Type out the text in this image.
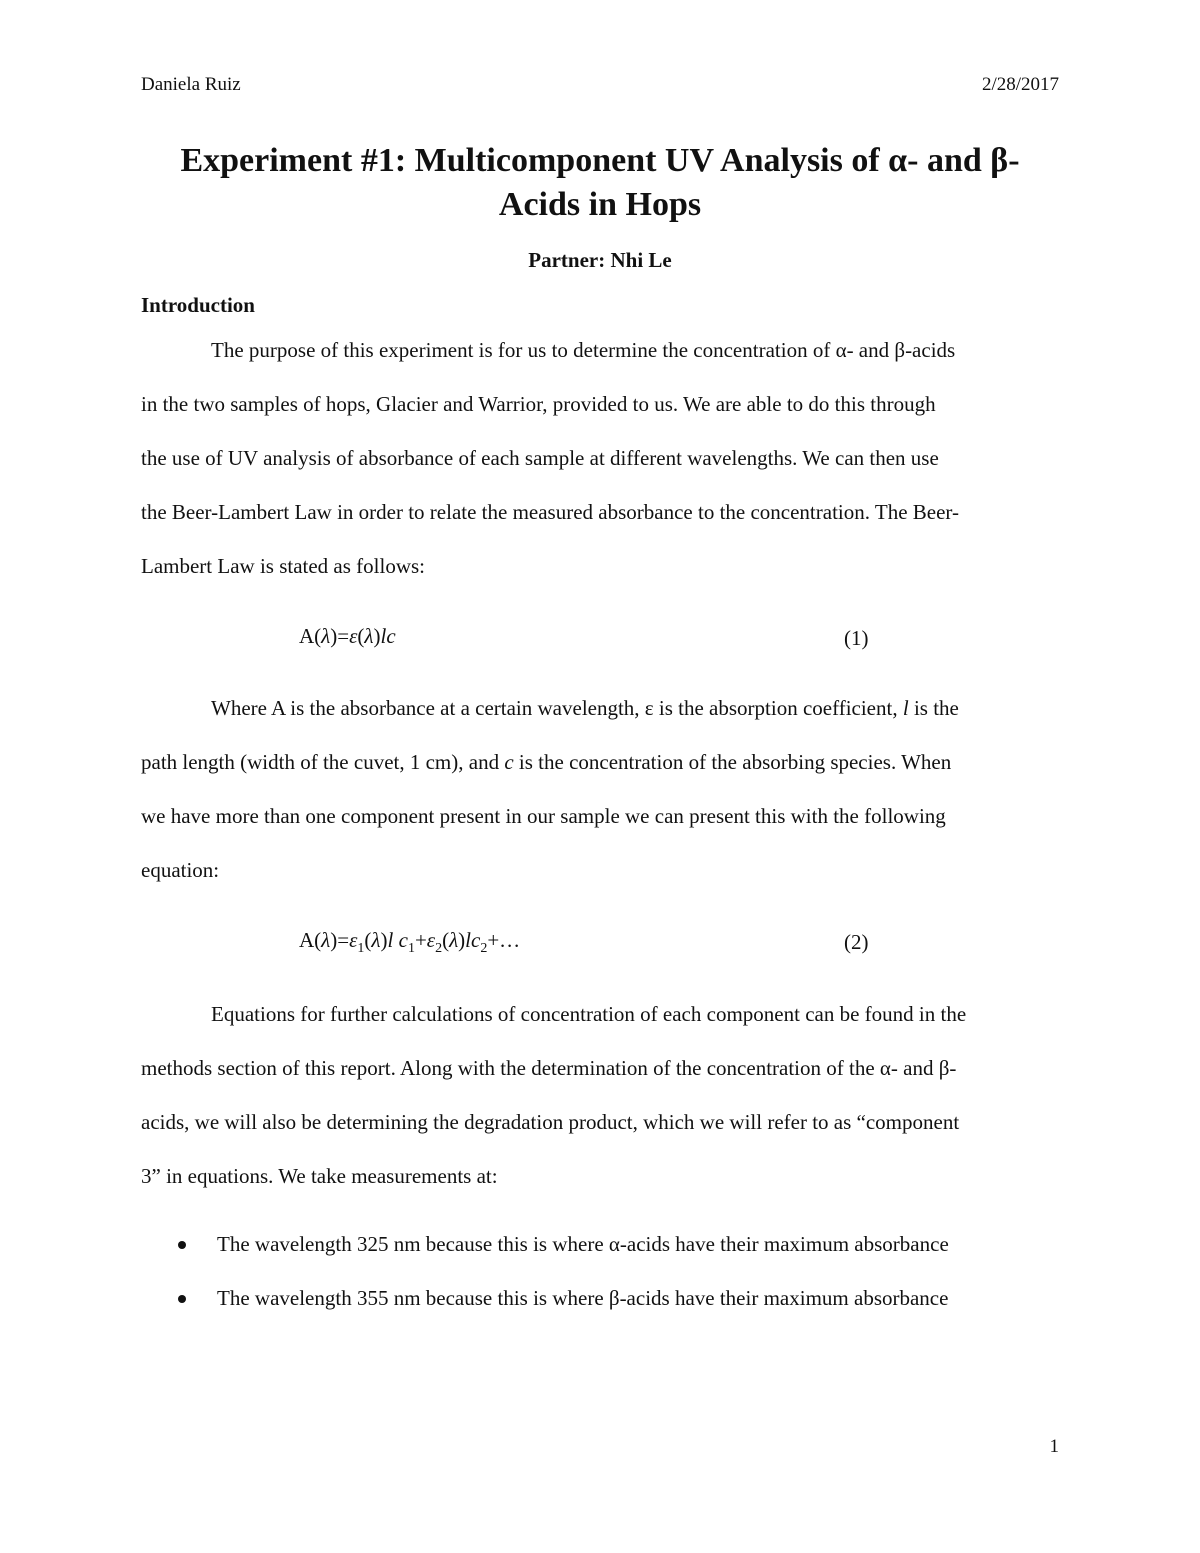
Daniela Ruiz	2/28/2017
Experiment #1: Multicomponent UV Analysis of α- and β-
Acids in Hops
Partner: Nhi Le
Introduction
The purpose of this experiment is for us to determine the concentration of α- and β-acids
in the two samples of hops, Glacier and Warrior, provided to us. We are able to do this through
the use of UV analysis of absorbance of each sample at different wavelengths. We can then use
the Beer-Lambert Law in order to relate the measured absorbance to the concentration. The Beer-
Lambert Law is stated as follows:
A(λ)=ε(λ)lc	(1)
Where A is the absorbance at a certain wavelength, ε is the absorption coefficient, l is the
path length (width of the cuvet, 1 cm), and c is the concentration of the absorbing species. When
we have more than one component present in our sample we can present this with the following
equation:
$A(\lambda)=\varepsilon_1(\lambda)l$ $c_1+\varepsilon_2(\lambda)lc_2+\dots$	(2)
Equations for further calculations of concentration of each component can be found in the
methods section of this report. Along with the determination of the concentration of the α- and β-
acids, we will also be determining the degradation product, which we will refer to as “component
3” in equations. We take measurements at:
The wavelength 325 nm because this is where α-acids have their maximum absorbance
The wavelength 355 nm because this is where β-acids have their maximum absorbance
1
